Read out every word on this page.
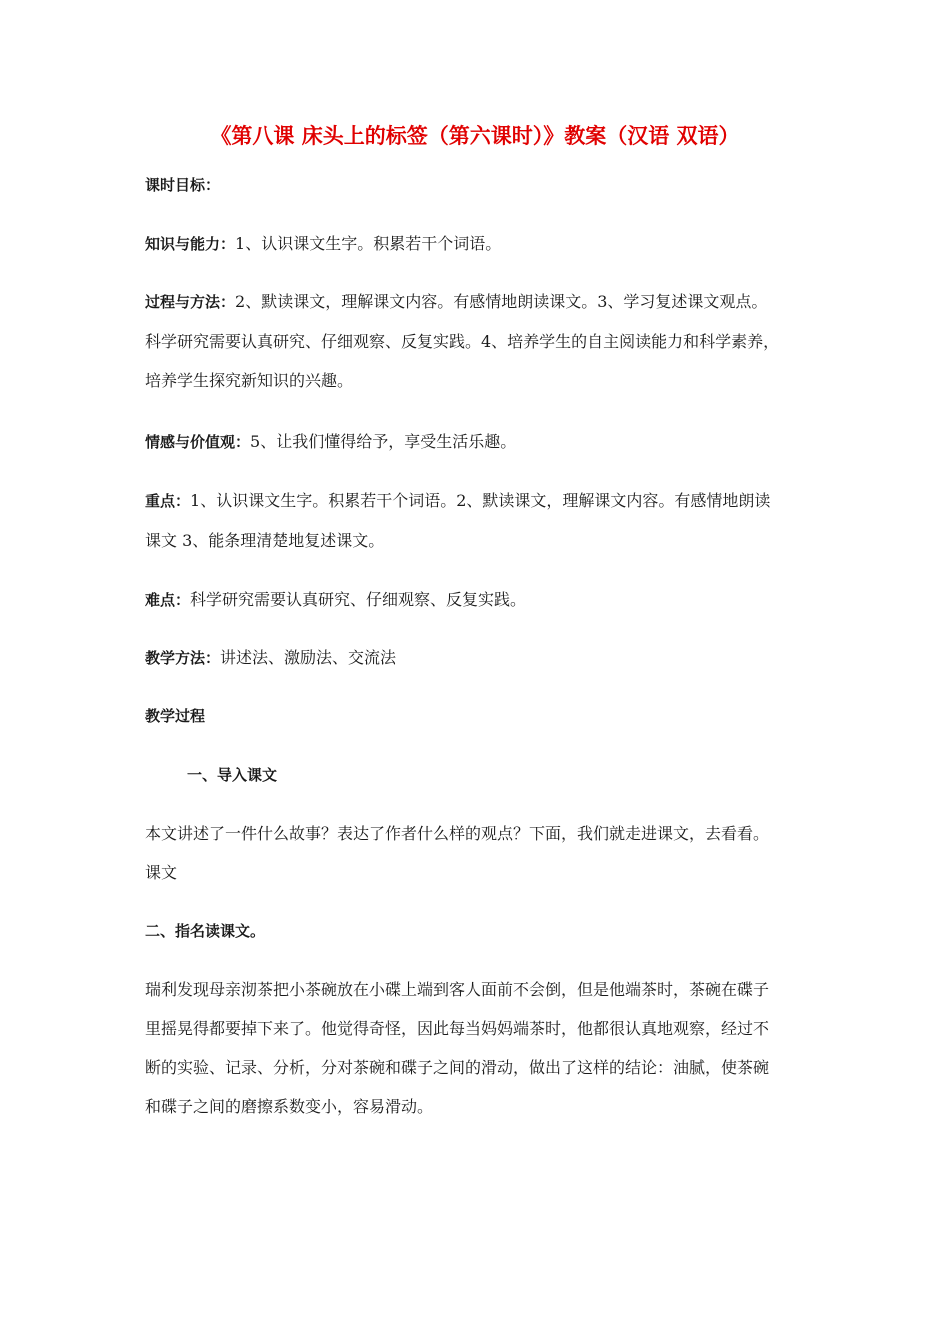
《第八课 床头上的标签（第六课时）》教案（汉语 双语）
课时目标：
知识与能力：1、认识课文生字。积累若干个词语。
过程与方法：2、默读课文，理解课文内容。有感情地朗读课文。3、学习复述课文观点。
科学研究需要认真研究、仔细观察、反复实践。4、培养学生的自主阅读能力和科学素养，
培养学生探究新知识的兴趣。
情感与价值观：5、让我们懂得给予，享受生活乐趣。
重点：1、认识课文生字。积累若干个词语。2、默读课文，理解课文内容。有感情地朗读
课文 3、能条理清楚地复述课文。
难点：科学研究需要认真研究、仔细观察、反复实践。
教学方法：讲述法、激励法、交流法
教学过程
一、导入课文
本文讲述了一件什么故事？表达了作者什么样的观点？下面，我们就走进课文，去看看。
课文
二、指名读课文。
瑞利发现母亲沏茶把小茶碗放在小碟上端到客人面前不会倒，但是他端茶时，茶碗在碟子
里摇晃得都要掉下来了。他觉得奇怪，因此每当妈妈端茶时，他都很认真地观察，经过不
断的实验、记录、分析，分对茶碗和碟子之间的滑动，做出了这样的结论：油腻，使茶碗
和碟子之间的磨擦系数变小，容易滑动。
